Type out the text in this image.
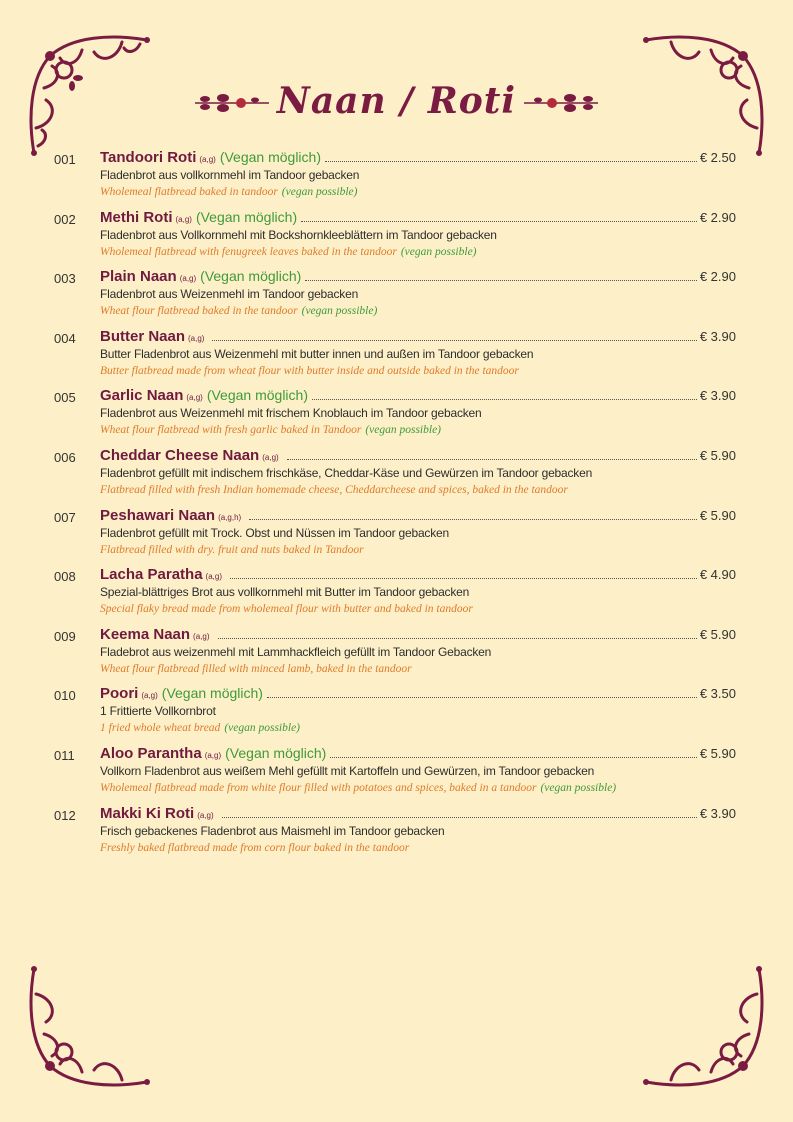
Naan / Roti
001 Tandoori Roti (a,g) (Vegan möglich)	€ 2.50
Fladenbrot aus vollkornmehl im Tandoor gebacken
Wholemeal flatbread baked in tandoor (vegan possible)
002 Methi Roti (a,g) (Vegan möglich)	€ 2.90
Fladenbrot aus Vollkornmehl mit Bockshornkleeblättern im Tandoor gebacken
Wholemeal flatbread with fenugreek leaves baked in the tandoor (vegan possible)
003 Plain Naan (a,g) (Vegan möglich)	€ 2.90
Fladenbrot aus Weizenmehl im Tandoor gebacken
Wheat flour flatbread baked in the tandoor (vegan possible)
004 Butter Naan (a,g)	€ 3.90
Butter Fladenbrot aus Weizenmehl mit butter innen und außen im Tandoor gebacken
Butter flatbread made from wheat flour with butter inside and outside baked in the tandoor
005 Garlic Naan (a,g) (Vegan möglich)	€ 3.90
Fladenbrot aus Weizenmehl mit frischem Knoblauch im Tandoor gebacken
Wheat flour flatbread with fresh garlic baked in Tandoor (vegan possible)
006 Cheddar Cheese Naan (a,g)	€ 5.90
Fladenbrot gefüllt mit indischem frischkäse, Cheddar-Käse und Gewürzen im Tandoor gebacken
Flatbread filled with fresh Indian homemade cheese, Cheddarcheese and spices, baked in the tandoor
007 Peshawari Naan (a,g,h)	€ 5.90
Fladenbrot gefüllt mit Trock. Obst und Nüssen im Tandoor gebacken
Flatbread filled with dry. fruit and nuts baked in Tandoor
008 Lacha Paratha (a,g)	€ 4.90
Spezial-blättriges Brot aus vollkornmehl mit Butter im Tandoor gebacken
Special flaky bread made from wholemeal flour with butter and baked in tandoor
009 Keema Naan (a,g)	€ 5.90
Fladebrot aus weizenmehl mit Lammhackfleich gefüllt im Tandoor Gebacken
Wheat flour flatbread filled with minced lamb, baked in the tandoor
010 Poori (a,g) (Vegan möglich)	€ 3.50
1 Frittierte Vollkornbrot
1 fried whole wheat bread (vegan possible)
011 Aloo Parantha (a,g) (Vegan möglich)	€ 5.90
Vollkorn Fladenbrot aus weißem Mehl gefüllt mit Kartoffeln und Gewürzen, im Tandoor gebacken
Wholemeal flatbread made from white flour filled with potatoes and spices, baked in a tandoor (vegan possible)
012 Makki Ki Roti (a,g)	€ 3.90
Frisch gebackenes Fladenbrot aus Maismehl im Tandoor gebacken
Freshly baked flatbread made from corn flour baked in the tandoor
